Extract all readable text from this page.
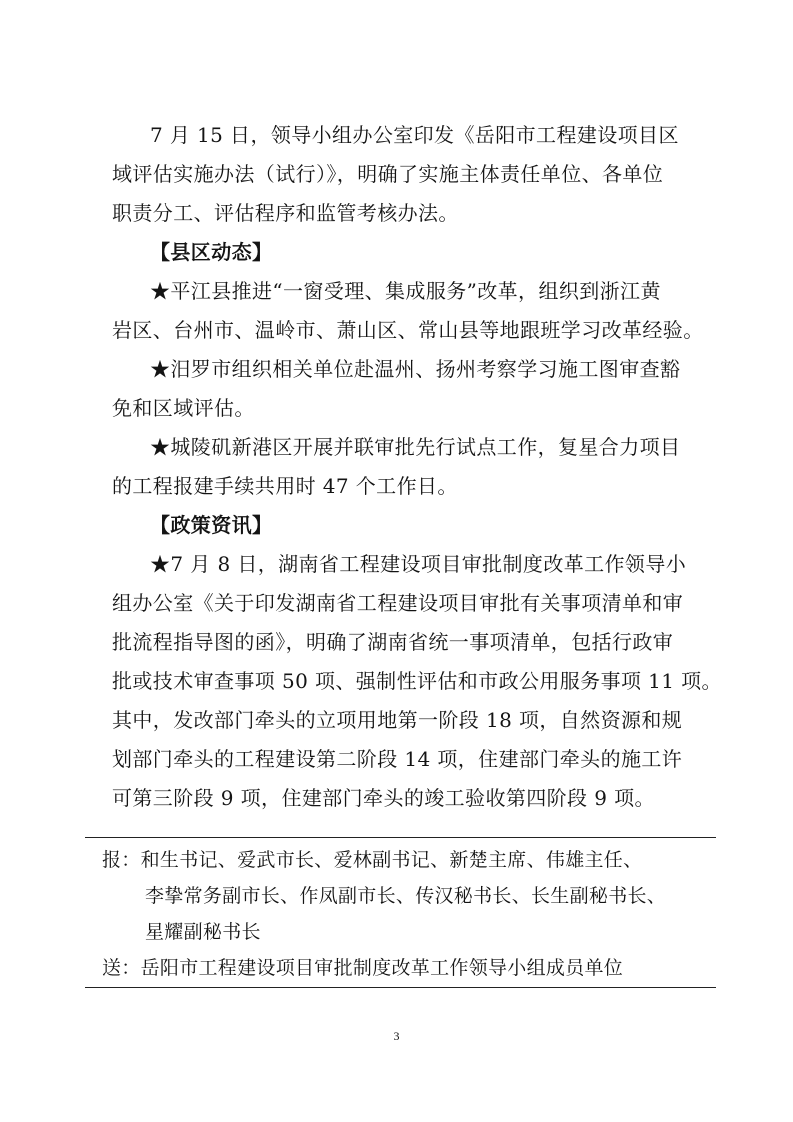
7 月 15 日，领导小组办公室印发《岳阳市工程建设项目区
域评估实施办法（试行）》，明确了实施主体责任单位、各单位
职责分工、评估程序和监管考核办法。
【县区动态】
★平江县推进“一窗受理、集成服务”改革，组织到浙江黄
岩区、台州市、温岭市、萧山区、常山县等地跟班学习改革经验。
★汨罗市组织相关单位赴温州、扬州考察学习施工图审查豁
免和区域评估。
★城陵矶新港区开展并联审批先行试点工作，复星合力项目
的工程报建手续共用时 47 个工作日。
【政策资讯】
★7 月 8 日，湖南省工程建设项目审批制度改革工作领导小
组办公室《关于印发湖南省工程建设项目审批有关事项清单和审
批流程指导图的函》，明确了湖南省统一事项清单，包括行政审
批或技术审查事项 50 项、强制性评估和市政公用服务事项 11 项。
其中，发改部门牵头的立项用地第一阶段 18 项，自然资源和规
划部门牵头的工程建设第二阶段 14 项，住建部门牵头的施工许
可第三阶段 9 项，住建部门牵头的竣工验收第四阶段 9 项。
报：和生书记、爱武市长、爱林副书记、新楚主席、伟雄主任、
李挚常务副市长、作凤副市长、传汉秘书长、长生副秘书长、
星耀副秘书长
送：岳阳市工程建设项目审批制度改革工作领导小组成员单位
3
